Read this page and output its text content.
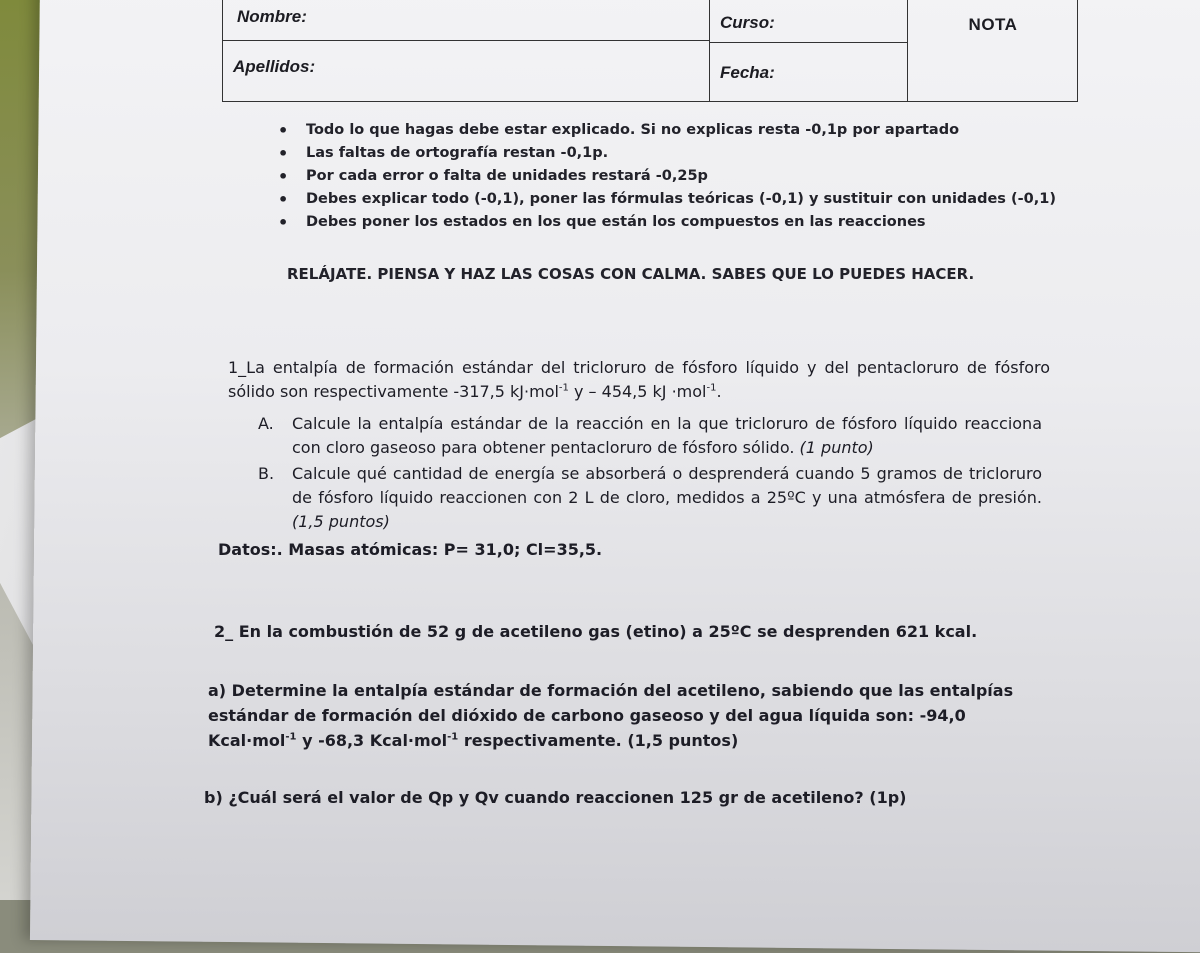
Nombre:	Curso:
Apellidos:	Fecha:
NOTA
• Todo lo que hagas debe estar explicado. Si no explicas resta -0,1p por apartado
• Las faltas de ortografía restan -0,1p.
• Por cada error o falta de unidades restará -0,25p
• Debes explicar todo (-0,1), poner las fórmulas teóricas (-0,1) y sustituir con unidades (-0,1)
• Debes poner los estados en los que están los compuestos en las reacciones
RELÁJATE. PIENSA Y HAZ LAS COSAS CON CALMA. SABES QUE LO PUEDES HACER.
1_La entalpía de formación estándar del tricloruro de fósforo líquido y del pentacloruro de fósforo sólido son respectivamente -317,5 kJ·mol$^{-1}$ y – 454,5 kJ ·mol$^{-1}$.
A. Calcule la entalpía estándar de la reacción en la que tricloruro de fósforo líquido reacciona con cloro gaseoso para obtener pentacloruro de fósforo sólido. (1 punto)
B. Calcule qué cantidad de energía se absorberá o desprenderá cuando 5 gramos de tricloruro de fósforo líquido reaccionen con 2 L de cloro, medidos a 25ºC y una atmósfera de presión.(1,5 puntos)
Datos:. Masas atómicas: P= 31,0; Cl=35,5.
2_ En la combustión de 52 g de acetileno gas (etino) a 25ºC se desprenden 621 kcal.
a) Determine la entalpía estándar de formación del acetileno, sabiendo que las entalpías estándar de formación del dióxido de carbono gaseoso y del agua líquida son: -94,0 Kcal·mol$^{-1}$ y -68,3 Kcal·mol$^{-1}$ respectivamente. (1,5 puntos)
b) ¿Cuál será el valor de Qp y Qv cuando reaccionen 125 gr de acetileno? (1p)
